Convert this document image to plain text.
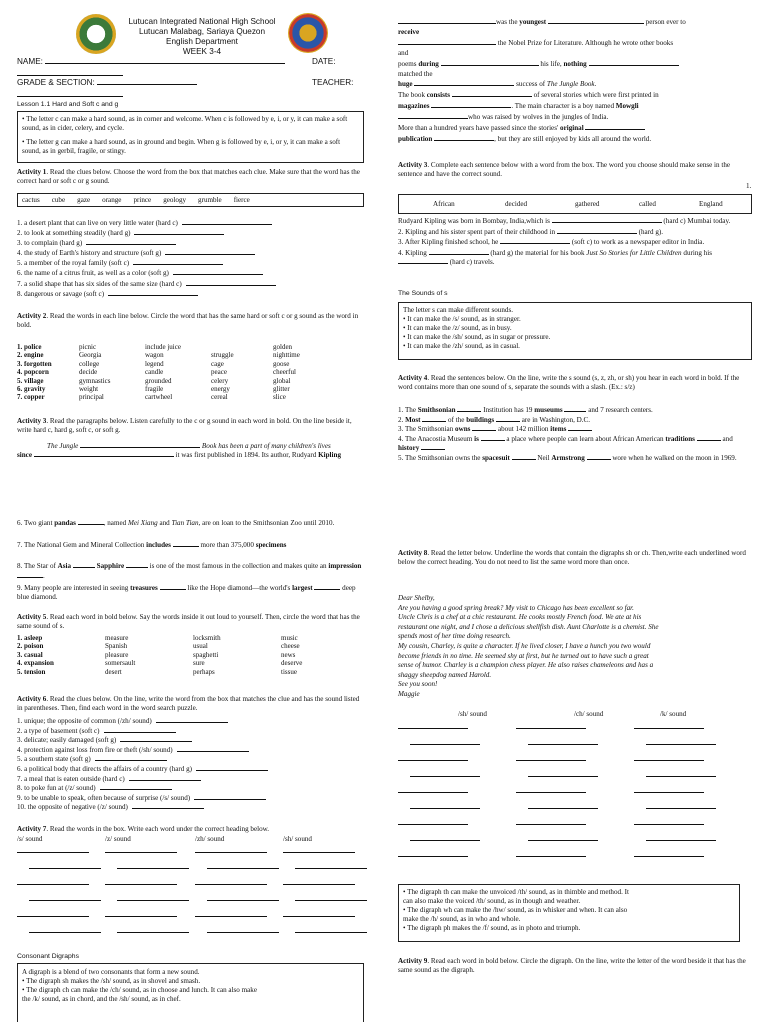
Lutucan Integrated National High School
Lutucan Malabag, Sariaya Quezon
English Department
WEEK 3-4
NAME:	DATE:
GRADE & SECTION:	TEACHER:
Lesson 1.1 Hard and Soft c and g
• The letter c can make a hard sound, as in corner and welcome. When c is followed by e, i, or y, it can make a soft sound, as in cider, celery, and cycle.
• The letter g can make a hard sound, as in ground and begin. When g is followed by e, i, or y, it can make a soft sound, as in gerbil, fragile, or stingy.
Activity 1. Read the clues below. Choose the word from the box that matches each clue. Make sure that the word has the correct hard or soft c or g sound.
cactus cube gaze orange prince geology grumble fierce
1. a desert plant that can live on very little water (hard c)
2. to look at something steadily (hard g)
3. to complain (hard g)
4. the study of Earth's history and structure (soft g)
5. a member of the royal family (soft c)
6. the name of a citrus fruit, as well as a color (soft g)
7. a solid shape that has six sides of the same size (hard c)
8. dangerous or savage (soft c)
Activity 2. Read the words in each line below. Circle the word that has the same hard or soft c or g sound as the word in bold.
1. police	picnic	include juice		golden
2. engine	Georgia	wagon	struggle	nighttime
3. forgotten	college	legend	cage	goose
4. popcorn	decide	candle	peace	cheerful
5. village	gymnastics	grounded	celery	global
6. gravity	weight	fragile	energy	glitter
7. copper	principal	cartwheel	cereal	slice
Activity 3. Read the paragraphs below. Listen carefully to the c or g sound in each word in bold. On the line beside it, write hard c, hard g, soft c, or soft g.
The Jungle	Book has been a part of many children's lives
since	it was first published in 1894. Its author, Rudyard Kipling
6. Two giant pandas	, named Mei Xiang and Tian Tian, are on loan to the Smithsonian Zoo until 2010.
7. The National Gem and Mineral Collection includes	more than 375,000 specimens
8. The Star of Asia	Sapphire	is one of the most famous in the collection and makes quite an impression .
9. Many people are interested in seeing treasures	like the Hope diamond—the world's largest	deep blue diamond.
Activity 5. Read each word in bold below. Say the words inside it out loud to yourself. Then, circle the word that has the same sound of s.
1. asleep	measure	locksmith	music
2. poison	Spanish	usual	cheese
3. casual	pleasure	spaghetti	news
4. expansion	somersault	sure	deserve
5. tension	desert	perhaps	tissue
Activity 6. Read the clues below. On the line, write the word from the box that matches the clue and has the sound listed in parentheses. Then, find each word in the word search puzzle.
1. unique; the opposite of common (/zh/ sound)
2. a type of basement (soft c)
3. delicate; easily damaged (soft g)
4. protection against loss from fire or theft (/sh/ sound)
5. a southern state (soft g)
6. a political body that directs the affairs of a country (hard g)
7. a meal that is eaten outside (hard c)
8. to poke fun at (/z/ sound)
9. to be unable to speak, often because of surprise (/s/ sound)
10. the opposite of negative (/z/ sound)
Activity 7. Read the words in the box. Write each word under the correct heading below.
/s/ sound	/z/ sound	/zh/ sound	/sh/ sound
Consonant Digraphs
A digraph is a blend of two consonants that form a new sound.
• The digraph sh makes the /sh/ sound, as in shovel and smash.
• The digraph ch can make the /ch/ sound, as in choose and lunch. It can also make
the /k/ sound, as in chord, and the /sh/ sound, as in chef.
was the youngest	person ever to
receive
the Nobel Prize for Literature. Although he wrote other books
and
poems during	his life, nothing
matched the
huge	success of The Jungle Book.
The book consists	of several stories which were first printed in
magazines	. The main character is a boy named Mowgli
who was raised by wolves in the jungles of India.
More than a hundred years have passed since the stories' original
publication	, but they are still enjoyed by kids all around the world.
Activity 3. Complete each sentence below with a word from the box. The word you choose should make sense in the sentence and have the correct sound.
1.
African	decided	gathered	called	England
Rudyard Kipling was born in Bombay, India,which is	(hard c) Mumbai today.
2. Kipling and his sister spent part of their childhood in	(hard g).
3. After Kipling finished school, he	(soft c) to work as a newspaper editor in India.
4. Kipling	(hard g) the material for his book Just So Stories for Little Children during his  (hard c) travels.
The Sounds of s
The letter s can make different sounds.
• It can make the /s/ sound, as in stranger.
• It can make the /z/ sound, as in busy.
• It can make the /sh/ sound, as in sugar or pressure.
• It can make the /zh/ sound, as in casual.
Activity 4. Read the sentences below. On the line, write the s sound (s, z, zh, or sh) you hear in each word in bold. If the word contains more than one sound of s, separate the sounds with a slash. (Ex.: s/z)
1. The Smithsonian	Institution has 19 museums	and 7 research centers.
2. Most	of the buildings	are in Washington, D.C.
3. The Smithsonian owns	about 142 million items
4. The Anacostia Museum is	a place where people can learn about African American traditions	and history
5. The Smithsonian owns the spacesuit	Neil Armstrong	wore when he walked on the moon in 1969.
Activity 8. Read the letter below. Underline the words that contain the digraphs sh or ch. Then,write each underlined word below the correct heading. You do not need to list the same word more than once.
Dear Shelby,
Are you having a good spring break? My visit to Chicago has been excellent so far.
Uncle Chris is a chef at a chic restaurant. He cooks mostly French food. We ate at his
restaurant one night, and I chose a delicious shellfish dish. Aunt Charlotte is a chemist. She
spends most of her time doing research.
My cousin, Charley, is quite a character. If he lived closer, I have a hunch you two would
become friends in no time. He seemed shy at first, but he turned out to have such a great
sense of humor. Charley is a champion chess player. He also raises chameleons and has a
shaggy sheepdog named Harold.
See you soon!
Maggie
/sh/ sound	/ch/ sound	/k/ sound
• The digraph th can make the unvoiced /th/ sound, as in thimble and method. It
can also make the voiced /th/ sound, as in though and weather.
• The digraph wh can make the /hw/ sound, as in whisker and when. It can also
make the /h/ sound, as in who and whole.
• The digraph ph makes the /f/ sound, as in photo and triumph.
Activity 9. Read each word in bold below. Circle the digraph. On the line, write the letter of the word beside it that has the same sound as the digraph.
